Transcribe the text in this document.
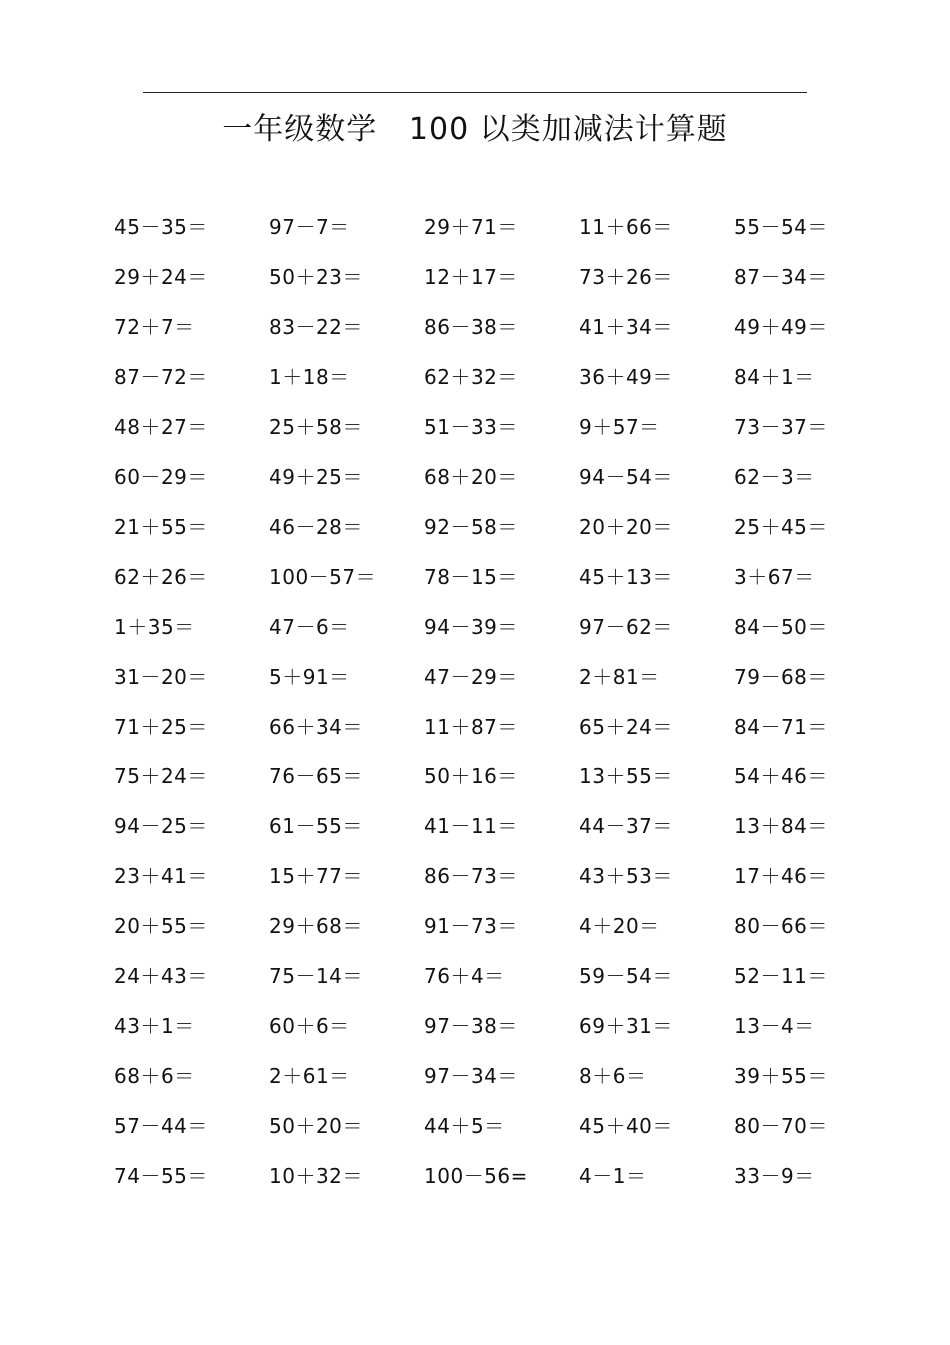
一年级数学   100 以类加减法计算题
45－35＝	97－7＝	29＋71＝	11＋66＝	55－54＝
29＋24＝	50＋23＝	12＋17＝	73＋26＝	87－34＝
72＋7＝	83－22＝	86－38＝	41＋34＝	49＋49＝
87－72＝	1＋18＝	62＋32＝	36＋49＝	84＋1＝
48＋27＝	25＋58＝	51－33＝	9＋57＝	73－37＝
60－29＝	49＋25＝	68＋20＝	94－54＝	62－3＝
21＋55＝	46－28＝	92－58＝	20＋20＝	25＋45＝
62＋26＝	100－57＝ 78－15＝	45＋13＝	3＋67＝
1＋35＝	47－6＝	94－39＝	97－62＝	84－50＝
31－20＝	5＋91＝	47－29＝	2＋81＝	79－68＝
71＋25＝	66＋34＝	11＋87＝	65＋24＝	84－71＝
75＋24＝	76－65＝	50＋16＝	13＋55＝	54＋46＝
94－25＝	61－55＝	41－11＝	44－37＝	13＋84＝
23＋41＝	15＋77＝	86－73＝	43＋53＝	17＋46＝
20＋55＝	29＋68＝	91－73＝	4＋20＝	80－66＝
24＋43＝	75－14＝	76＋4＝	59－54＝	52－11＝
43＋1＝	60＋6＝	97－38＝	69＋31＝	13－4＝
68＋6＝	2＋61＝	97－34＝	8＋6＝	39＋55＝
57－44＝	50＋20＝	44＋5＝	45＋40＝	80－70＝
74－55＝	10＋32＝	100－56=	4－1＝	33－9＝
